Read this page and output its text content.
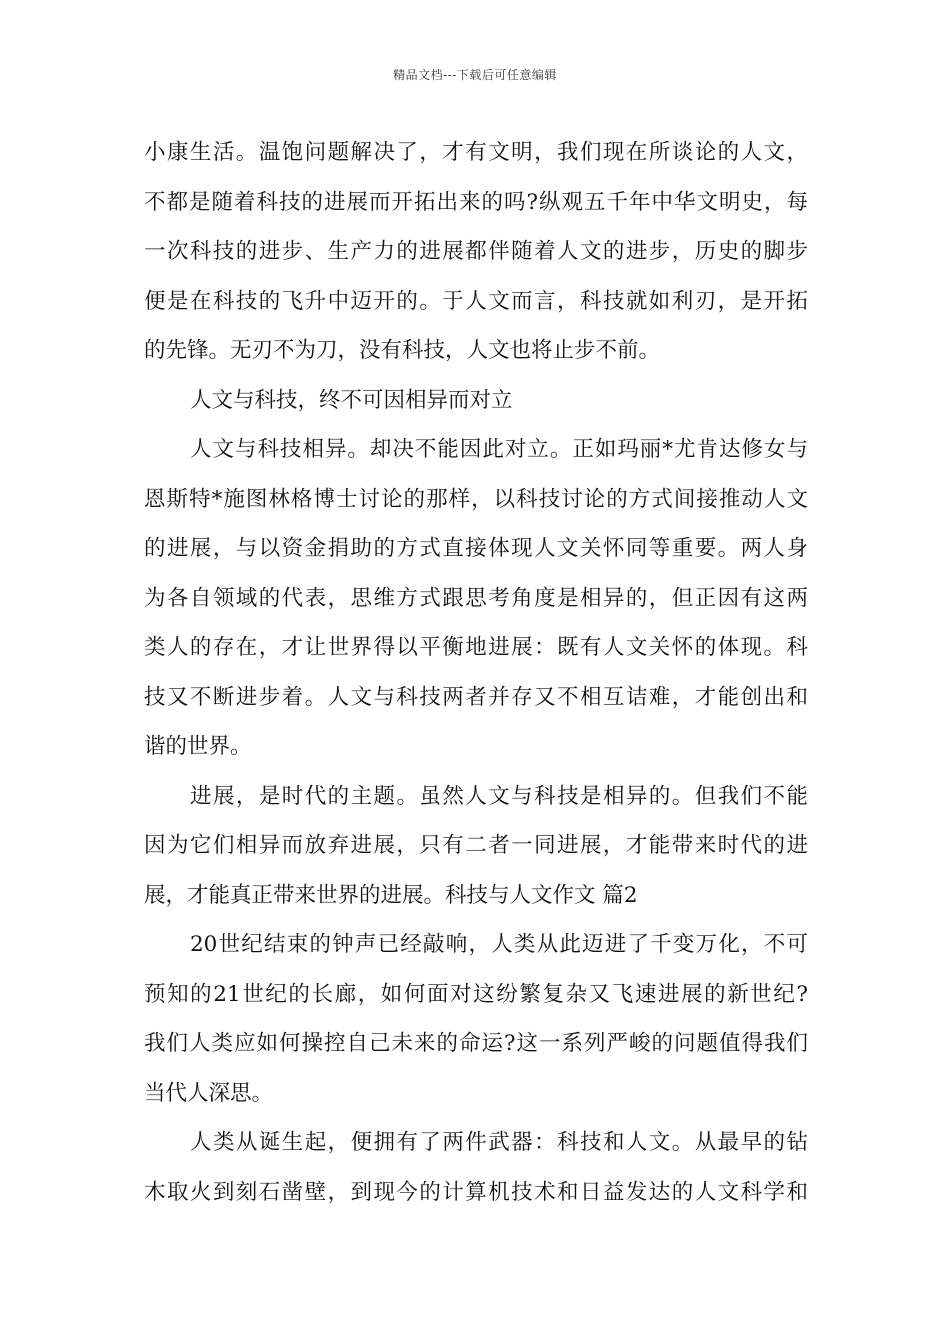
精品文档---下载后可任意编辑
小康生活。温饱问题解决了，才有文明，我们现在所谈论的人文，
不都是随着科技的进展而开拓出来的吗?纵观五千年中华文明史，每
一次科技的进步、生产力的进展都伴随着人文的进步，历史的脚步
便是在科技的飞升中迈开的。于人文而言，科技就如利刃，是开拓
的先锋。无刃不为刀，没有科技，人文也将止步不前。
人文与科技，终不可因相异而对立
人文与科技相异。却决不能因此对立。正如玛丽*尤肯达修女与
恩斯特*施图林格博士讨论的那样，以科技讨论的方式间接推动人文
的进展，与以资金捐助的方式直接体现人文关怀同等重要。两人身
为各自领域的代表，思维方式跟思考角度是相异的，但正因有这两
类人的存在，才让世界得以平衡地进展：既有人文关怀的体现。科
技又不断进步着。人文与科技两者并存又不相互诘难，才能创出和
谐的世界。
进展，是时代的主题。虽然人文与科技是相异的。但我们不能
因为它们相异而放弃进展，只有二者一同进展，才能带来时代的进
展，才能真正带来世界的进展。科技与人文作文 篇2
20世纪结束的钟声已经敲响，人类从此迈进了千变万化，不可
预知的21世纪的长廊，如何面对这纷繁复杂又飞速进展的新世纪?
我们人类应如何操控自己未来的命运?这一系列严峻的问题值得我们
当代人深思。
人类从诞生起，便拥有了两件武器：科技和人文。从最早的钻
木取火到刻石凿壁，到现今的计算机技术和日益发达的人文科学和
